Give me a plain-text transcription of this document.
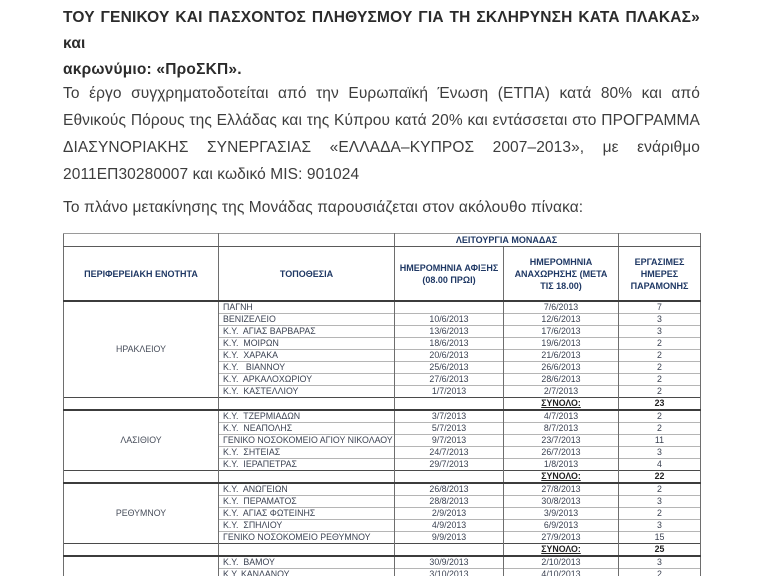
ΤΟΥ ΓΕΝΙΚΟΥ ΚΑΙ ΠΑΣΧΟΝΤΟΣ ΠΛΗΘΥΣΜΟΥ ΓΙΑ ΤΗ ΣΚΛΗΡΥΝΣΗ ΚΑΤΑ ΠΛΑΚΑΣ» και
ακρωνύμιο: «ΠροΣΚΠ».
Το έργο συγχρηματοδοτείται από την Ευρωπαϊκή Ένωση (ΕΤΠΑ) κατά 80% και από
Εθνικούς Πόρους της Ελλάδας και της Κύπρου κατά 20% και εντάσσεται στο ΠΡΟΓΡΑΜΜΑ
ΔΙΑΣΥΝΟΡΙΑΚΗΣ ΣΥΝΕΡΓΑΣΙΑΣ «ΕΛΛΑΔΑ–ΚΥΠΡΟΣ 2007–2013», με ενάριθμο
2011ΕΠ30280007 και κωδικό MIS: 901024
Το πλάνο μετακίνησης της Μονάδας παρουσιάζεται στον ακόλουθο πίνακα:
		ΛΕΙΤΟΥΡΓΙΑ ΜΟΝΑΔΑΣ		
ΠΕΡΙΦΕΡΕΙΑΚΗ ΕΝΟΤΗΤΑ	ΤΟΠΟΘΕΣΙΑ	ΗΜΕΡΟΜΗΝΙΑ ΑΦΙΞΗΣ (08.00 ΠΡΩΙ)	ΗΜΕΡΟΜΗΝΙΑ ΑΝΑΧΩΡΗΣΗΣ (ΜΕΤΑ ΤΙΣ 18.00)	ΕΡΓΑΣΙΜΕΣ ΗΜΕΡΕΣ ΠΑΡΑΜΟΝΗΣ
ΗΡΑΚΛΕΙΟΥ	ΠΑΓΝΗ		7/6/2013	7
	ΒΕΝΙΖΕΛΕΙΟ	10/6/2013	12/6/2013	3
	Κ.Υ.  ΑΓΙΑΣ ΒΑΡΒΑΡΑΣ	13/6/2013	17/6/2013	3
	Κ.Υ.  ΜΟΙΡΩΝ	18/6/2013	19/6/2013	2
	Κ.Υ.  ΧΑΡΑΚΑ	20/6/2013	21/6/2013	2
	Κ.Υ.   ΒΙΑΝΝΟΥ	25/6/2013	26/6/2013	2
	Κ.Υ.  ΑΡΚΑΛΟΧΩΡΙΟΥ	27/6/2013	28/6/2013	2
	Κ.Υ.  ΚΑΣΤΕΛΛΙΟΥ	1/7/2013	2/7/2013	2
			ΣΥΝΟΛΟ:	23
ΛΑΣΙΘΙΟΥ	Κ.Υ.  ΤΖΕΡΜΙΑΔΩΝ	3/7/2013	4/7/2013	2
	Κ.Υ.  ΝΕΑΠΟΛΗΣ	5/7/2013	8/7/2013	2
	ΓΕΝΙΚΟ ΝΟΣΟΚΟΜΕΙΟ ΑΓΙΟΥ ΝΙΚΟΛΑΟΥ	9/7/2013	23/7/2013	11
	Κ.Υ.  ΣΗΤΕΙΑΣ	24/7/2013	26/7/2013	3
	Κ.Υ.  ΙΕΡΑΠΕΤΡΑΣ	29/7/2013	1/8/2013	4
			ΣΥΝΟΛΟ:	22
ΡΕΘΥΜΝΟΥ	Κ.Υ.  ΑΝΩΓΕΙΩΝ	26/8/2013	27/8/2013	2
	Κ.Υ.  ΠΕΡΑΜΑΤΟΣ	28/8/2013	30/8/2013	3
	Κ.Υ.  ΑΓΙΑΣ ΦΩΤΕΙΝΗΣ	2/9/2013	3/9/2013	2
	Κ.Υ.  ΣΠΗΛΙΟΥ	4/9/2013	6/9/2013	3
	ΓΕΝΙΚΟ ΝΟΣΟΚΟΜΕΙΟ ΡΕΘΥΜΝΟΥ	9/9/2013	27/9/2013	15
			ΣΥΝΟΛΟ:	25
	Κ.Υ.  ΒΑΜΟΥ	30/9/2013	2/10/2013	3
	Κ.Υ. ΚΑΝΔΑΝΟΥ	3/10/2013	4/10/2013	2
